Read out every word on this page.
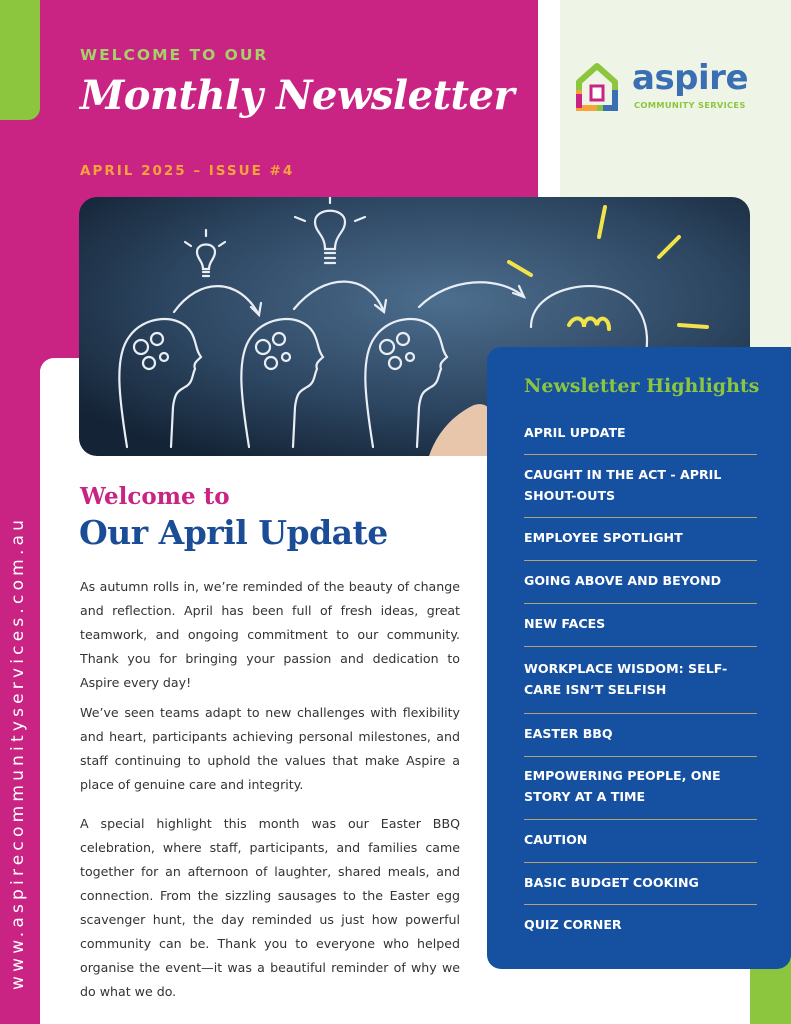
WELCOME TO OUR
Monthly Newsletter
APRIL 2025 – ISSUE #4
aspire
COMMUNITY SERVICES
Welcome to
Our April Update

As autumn rolls in, we’re reminded of the beauty of change and reflection. April has been full of fresh ideas, great teamwork, and ongoing commitment to our community. Thank you for bringing your passion and dedication to Aspire every day!

We’ve seen teams adapt to new challenges with flexibility and heart, participants achieving personal milestones, and staff continuing to uphold the values that make Aspire a place of genuine care and integrity.

A special highlight this month was our Easter BBQ celebration, where staff, participants, and families came together for an afternoon of laughter, shared meals, and connection. From the sizzling sausages to the Easter egg scavenger hunt, the day reminded us just how powerful community can be. Thank you to everyone who helped organise the event—it was a beautiful reminder of why we do what we do.

www.aspirecommunityservices.com.au
Newsletter Highlights
APRIL UPDATE
CAUGHT IN THE ACT - APRIL SHOUT-OUTS
EMPLOYEE SPOTLIGHT
GOING ABOVE AND BEYOND
NEW FACES
WORKPLACE WISDOM: SELF-CARE ISN’T SELFISH
EASTER BBQ
EMPOWERING PEOPLE, ONE STORY AT A TIME
CAUTION
BASIC BUDGET COOKING
QUIZ CORNER
